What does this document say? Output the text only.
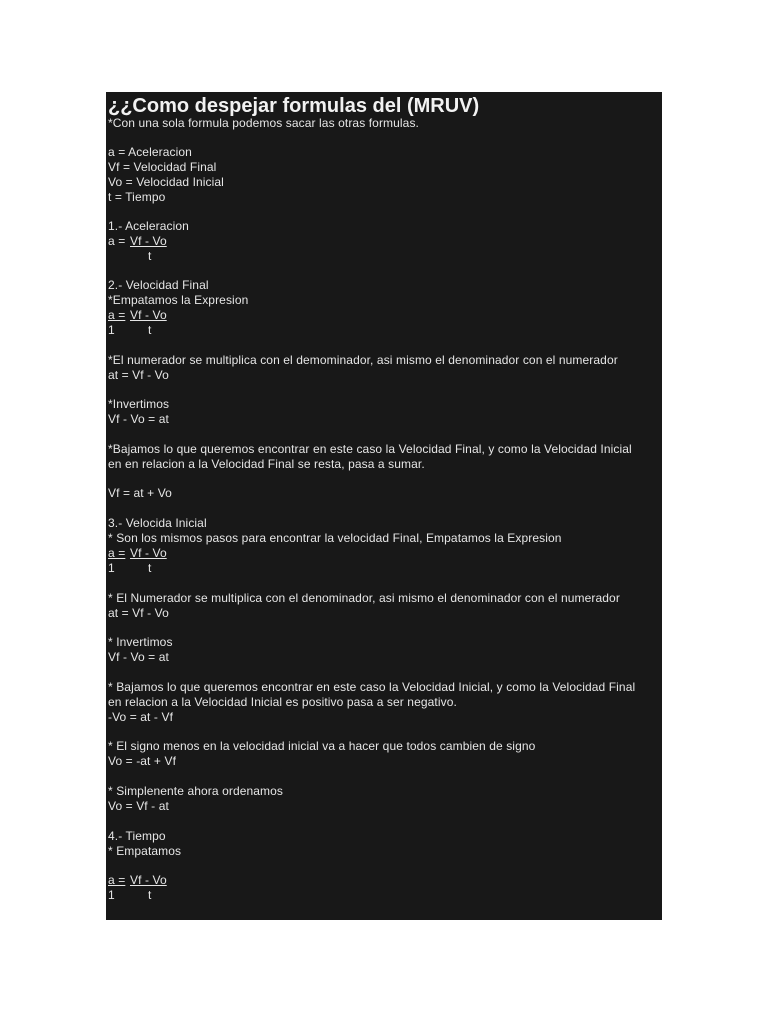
¿¿Como despejar formulas del (MRUV)
*Con una sola formula podemos sacar las otras formulas.
a = Aceleracion
Vf = Velocidad Final
Vo = Velocidad Inicial
t = Tiempo
1.- Aceleracion
a = Vf - Vo
t
2.- Velocidad Final
*Empatamos la Expresion
a = Vf - Vo
1	t
*El numerador se multiplica con el demominador, asi mismo el denominador con el numerador
at = Vf - Vo
*Invertimos
Vf - Vo = at
*Bajamos lo que queremos encontrar en este caso la Velocidad Final, y como la Velocidad Inicial
en en relacion a la Velocidad Final se resta, pasa a sumar.
Vf = at + Vo
3.- Velocida Inicial
* Son los mismos pasos para encontrar la velocidad Final, Empatamos la Expresion
a = Vf - Vo
1	t
* El Numerador se multiplica con el denominador, asi mismo el denominador con el numerador
at = Vf - Vo
* Invertimos
Vf - Vo = at
* Bajamos lo que queremos encontrar en este caso la Velocidad Inicial, y como la Velocidad Final
en relacion a la Velocidad Inicial es positivo pasa a ser negativo.
-Vo = at - Vf
* El signo menos en la velocidad inicial va a hacer que todos cambien de signo
Vo = -at + Vf
* Simplenente ahora ordenamos
Vo = Vf - at
4.- Tiempo
* Empatamos
a = Vf - Vo
1	t
